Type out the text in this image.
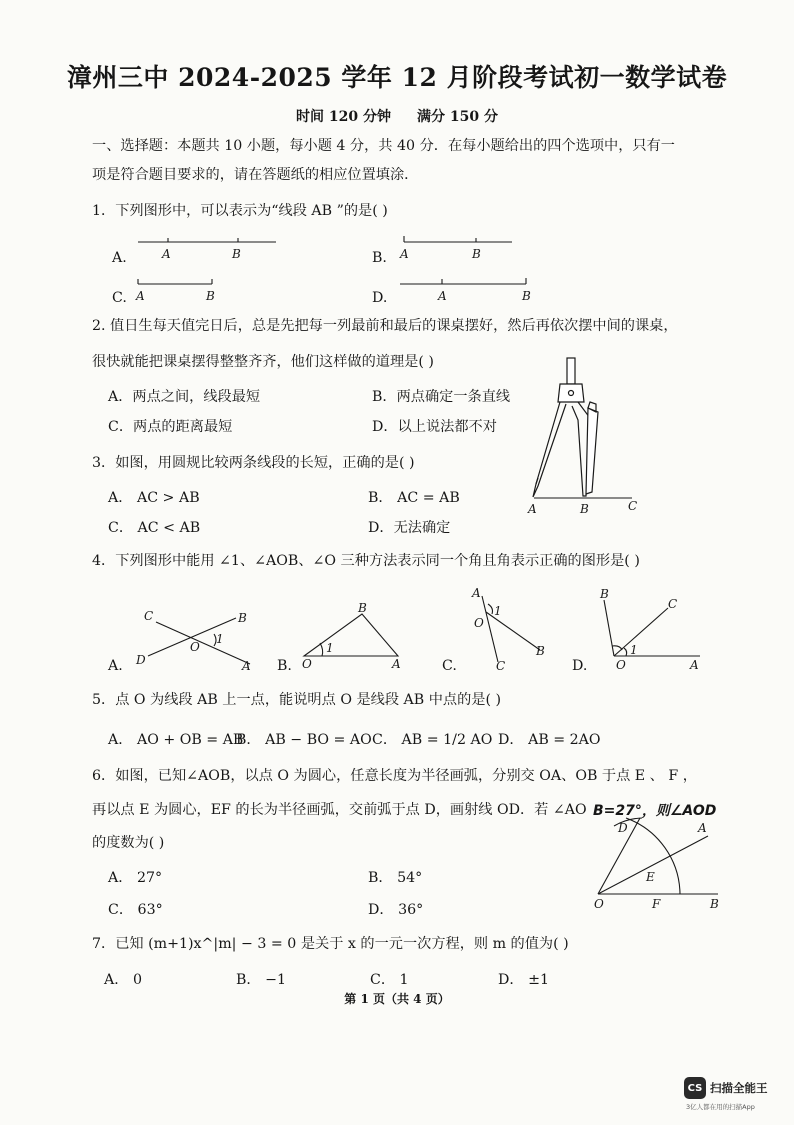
漳州三中 2024-2025 学年 12 月阶段考试初一数学试卷
时间 120 分钟 满分 150 分
一、选择题：本题共 10 小题，每小题 4 分，共 40 分．在每小题给出的四个选项中，只有一
项是符合题目要求的，请在答题纸的相应位置填涂．
1．下列图形中，可以表示为“线段 AB ”的是( )
A.	B.
C.	D.
A	B	A	B
A	B	A	B
2. 值日生每天值完日后，总是先把每一列最前和最后的课桌摆好，然后再依次摆中间的课桌，
很快就能把课桌摆得整整齐齐，他们这样做的道理是( )
A．两点之间，线段最短	B．两点确定一条直线
C．两点的距离最短	D．以上说法都不对
3．如图，用圆规比较两条线段的长短，正确的是( )
A． AC > AB	B． AC = AB
C． AC < AB	D．无法确定
A	B	C
4．下列图形中能用 ∠1、∠AOB、∠O 三种方法表示同一个角且角表示正确的图形是( )
A.	B.	C.	D.
C	B
1
O
D	A
B
1
O	A
A
1
O
B
C
B
C
1
O	A
5．点 O 为线段 AB 上一点，能说明点 O 是线段 AB 中点的是( )
A． AO + OB = AB
B． AB − BO = AO C． AB = 1/2 AO D． AB = 2AO
6．如图，已知∠AOB，以点 O 为圆心，任意长度为半径画弧，分别交 OA、OB 于点 E 、 F ，
再以点 E 为圆心，EF 的长为半径画弧，交前弧于点 D，画射线 OD．若 ∠AO B=27°，则∠AOD
的度数为( )
A． 27°	B． 54°
C． 63°	D． 36°
D	A
E
O	F	B
7．已知 (m+1)x^|m| − 3 = 0 是关于 x 的一元一次方程，则 m 的值为( )
A． 0	B． −1	C． 1	D． ±1
第 1 页（共 4 页）
CS 扫描全能王
3亿人都在用的扫描App
